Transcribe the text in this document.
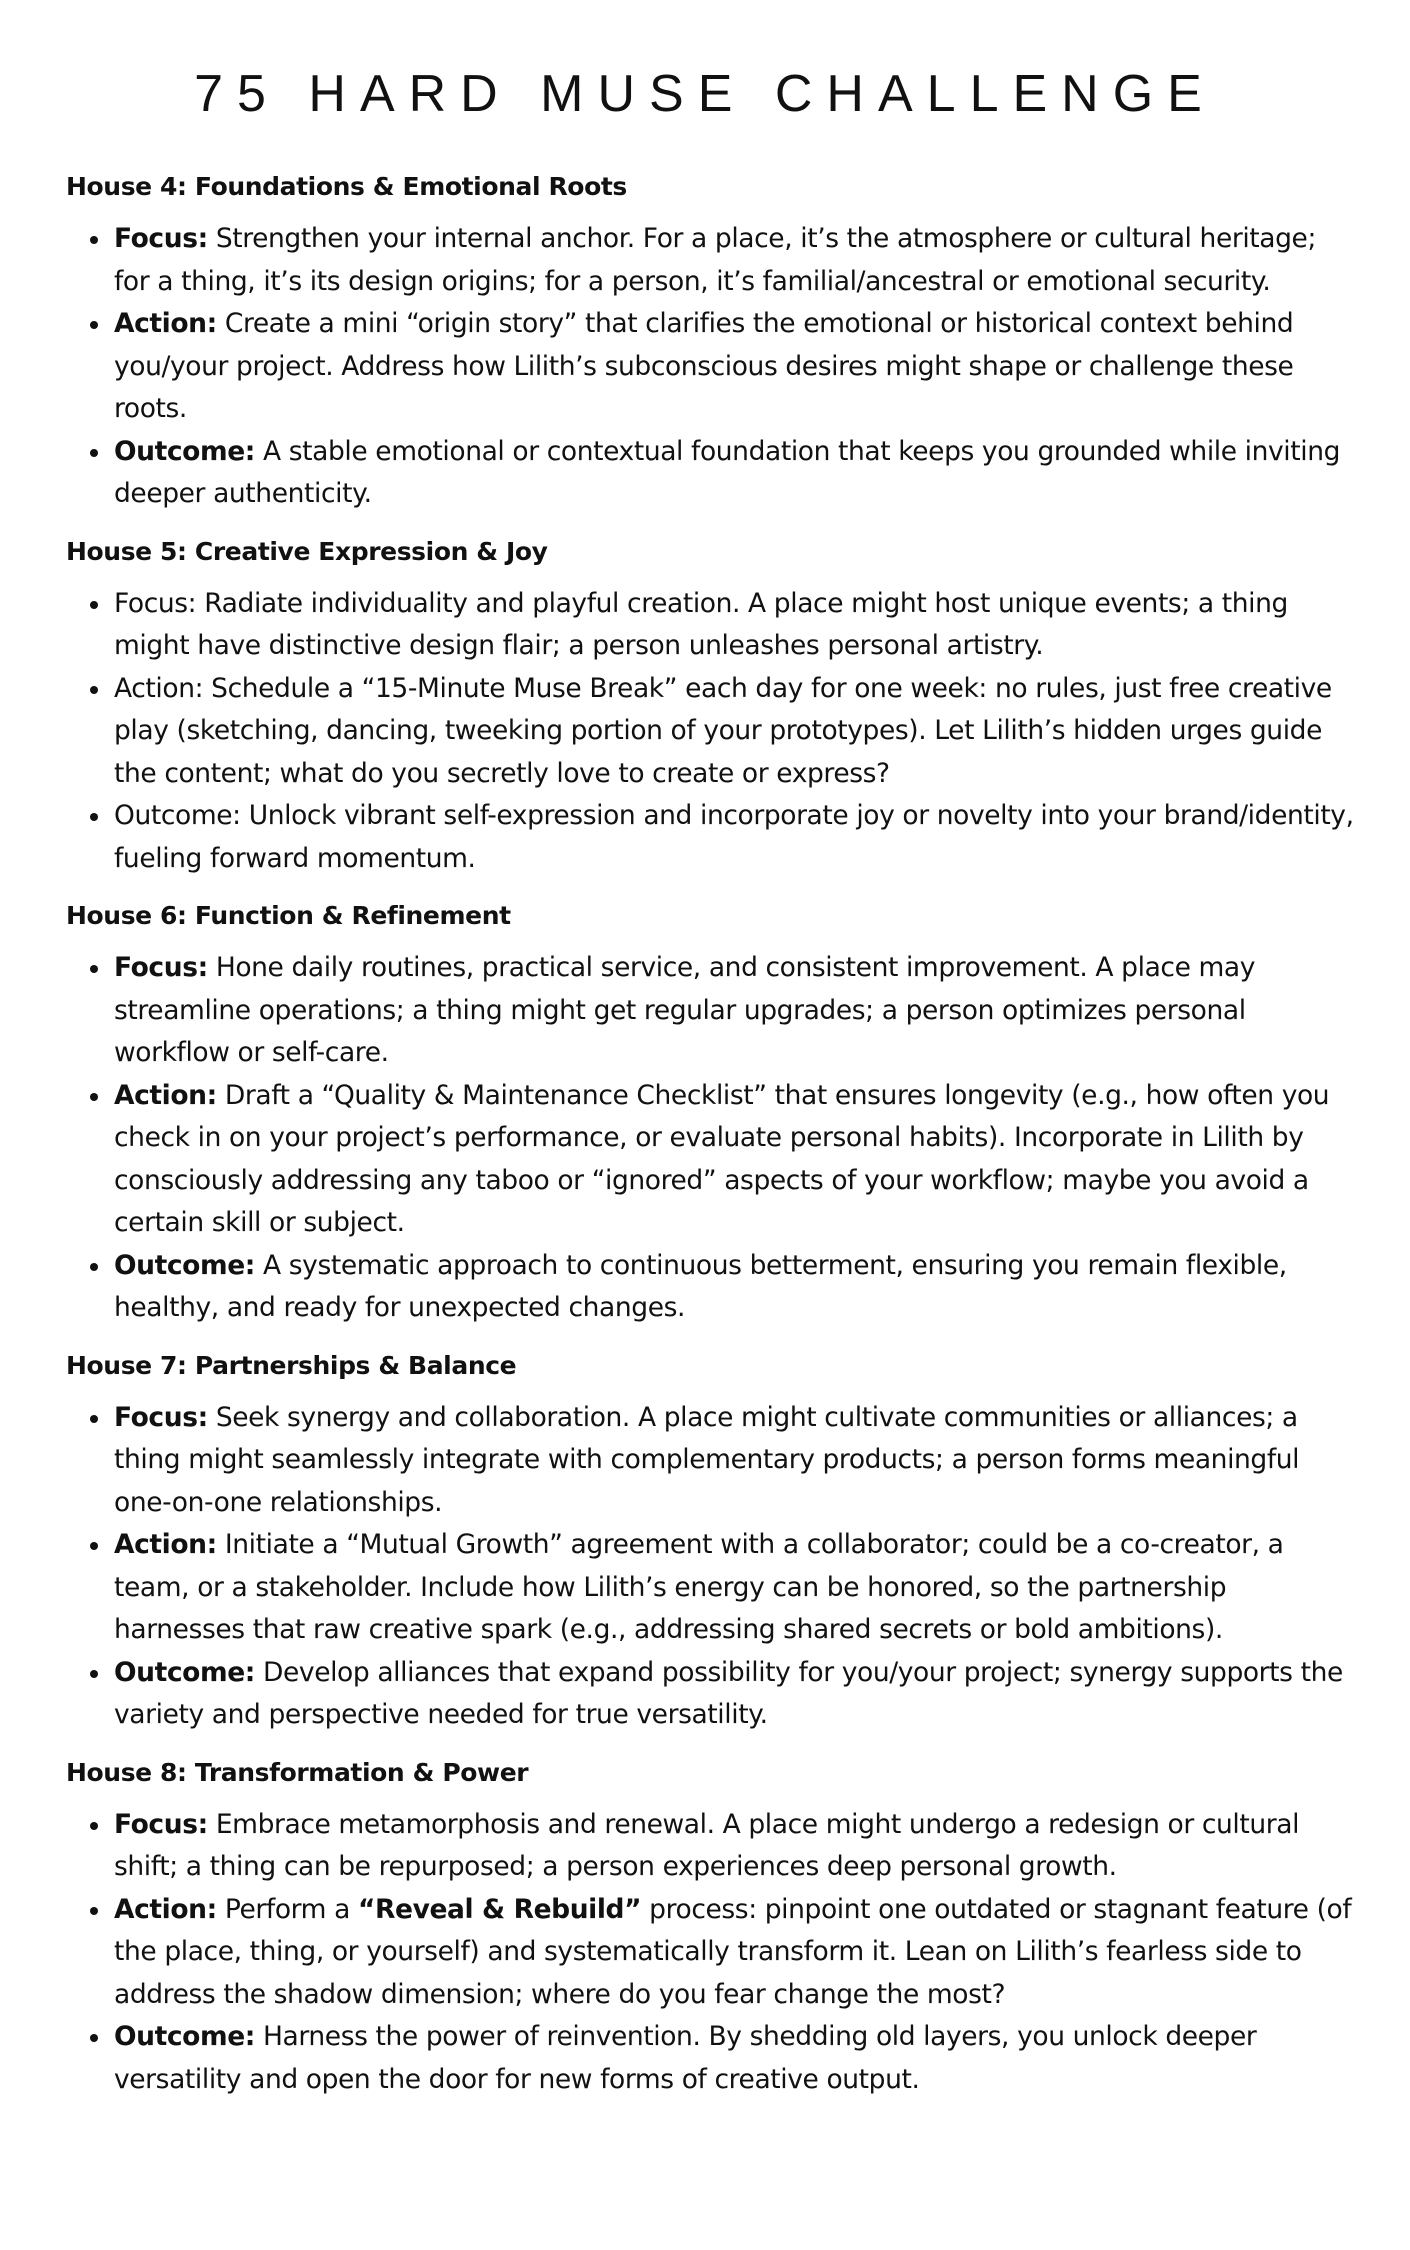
75 HARD MUSE CHALLENGE
House 4: Foundations & Emotional Roots
Focus: Strengthen your internal anchor. For a place, it’s the atmosphere or cultural heritage; for a thing, it’s its design origins; for a person, it’s familial/ancestral or emotional security.
Action: Create a mini “origin story” that clarifies the emotional or historical context behind you/your project. Address how Lilith’s subconscious desires might shape or challenge these roots.
Outcome: A stable emotional or contextual foundation that keeps you grounded while inviting deeper authenticity.
House 5: Creative Expression & Joy
Focus: Radiate individuality and playful creation. A place might host unique events; a thing might have distinctive design flair; a person unleashes personal artistry.
Action: Schedule a “15-Minute Muse Break” each day for one week: no rules, just free creative play (sketching, dancing, tweeking portion of your prototypes). Let Lilith’s hidden urges guide the content; what do you secretly love to create or express?
Outcome: Unlock vibrant self-expression and incorporate joy or novelty into your brand/identity, fueling forward momentum.
House 6: Function & Refinement
Focus: Hone daily routines, practical service, and consistent improvement. A place may streamline operations; a thing might get regular upgrades; a person optimizes personal workflow or self-care.
Action: Draft a “Quality & Maintenance Checklist” that ensures longevity (e.g., how often you check in on your project’s performance, or evaluate personal habits). Incorporate in Lilith by consciously addressing any taboo or “ignored” aspects of your workflow; maybe you avoid a certain skill or subject.
Outcome: A systematic approach to continuous betterment, ensuring you remain flexible, healthy, and ready for unexpected changes.
House 7: Partnerships & Balance
Focus: Seek synergy and collaboration. A place might cultivate communities or alliances; a thing might seamlessly integrate with complementary products; a person forms meaningful one-on-one relationships.
Action: Initiate a “Mutual Growth” agreement with a collaborator; could be a co-creator, a team, or a stakeholder. Include how Lilith’s energy can be honored, so the partnership harnesses that raw creative spark (e.g., addressing shared secrets or bold ambitions).
Outcome: Develop alliances that expand possibility for you/your project; synergy supports the variety and perspective needed for true versatility.
House 8: Transformation & Power
Focus: Embrace metamorphosis and renewal. A place might undergo a redesign or cultural shift; a thing can be repurposed; a person experiences deep personal growth.
Action: Perform a “Reveal & Rebuild” process: pinpoint one outdated or stagnant feature (of the place, thing, or yourself) and systematically transform it. Lean on Lilith’s fearless side to address the shadow dimension; where do you fear change the most?
Outcome: Harness the power of reinvention. By shedding old layers, you unlock deeper versatility and open the door for new forms of creative output.
